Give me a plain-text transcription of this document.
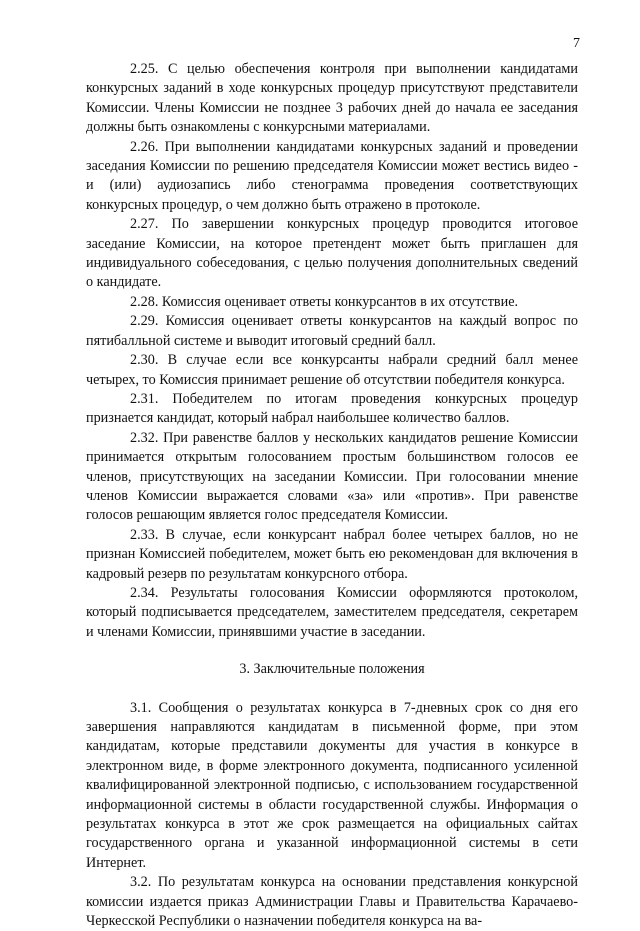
7

2.25. С целью обеспечения контроля при выполнении кандидатами конкурсных заданий в ходе конкурсных процедур присутствуют представители Комиссии. Члены Комиссии не позднее 3 рабочих дней до начала ее заседания должны быть ознакомлены с конкурсными материалами.

2.26. При выполнении кандидатами конкурсных заданий и проведении заседания Комиссии по решению председателя Комиссии может вестись видео - и (или) аудиозапись либо стенограмма проведения соответствующих конкурсных процедур, о чем должно быть отражено в протоколе.

2.27. По завершении конкурсных процедур проводится итоговое заседание Комиссии, на которое претендент может быть приглашен для индивидуального собеседования, с целью получения дополнительных сведений о кандидате.

2.28. Комиссия оценивает ответы конкурсантов в их отсутствие.

2.29. Комиссия оценивает ответы конкурсантов на каждый вопрос по пятибалльной системе и выводит итоговый средний балл.

2.30. В случае если все конкурсанты набрали средний балл менее четырех, то Комиссия принимает решение об отсутствии победителя конкурса.

2.31. Победителем по итогам проведения конкурсных процедур признается кандидат, который набрал наибольшее количество баллов.

2.32. При равенстве баллов у нескольких кандидатов решение Комиссии принимается открытым голосованием простым большинством голосов ее членов, присутствующих на заседании Комиссии. При голосовании мнение членов Комиссии выражается словами «за» или «против». При равенстве голосов решающим является голос председателя Комиссии.

2.33. В случае, если конкурсант набрал более четырех баллов, но не признан Комиссией победителем, может быть ею рекомендован для включения в кадровый резерв по результатам конкурсного отбора.

2.34. Результаты голосования Комиссии оформляются протоколом, который подписывается председателем, заместителем председателя, секретарем и членами Комиссии, принявшими участие в заседании.

3. Заключительные положения

3.1. Сообщения о результатах конкурса в 7-дневных срок со дня его завершения направляются кандидатам в письменной форме, при этом кандидатам, которые представили документы для участия в конкурсе в электронном виде, в форме электронного документа, подписанного усиленной квалифицированной электронной подписью, с использованием государственной информационной системы в области государственной службы. Информация о результатах конкурса в этот же срок размещается на официальных сайтах государственного органа и указанной информационной системы в сети Интернет.

3.2. По результатам конкурса на основании представления конкурсной комиссии издается приказ Администрации Главы и Правительства Карачаево-Черкесской Республики о назначении победителя конкурса на ва-
